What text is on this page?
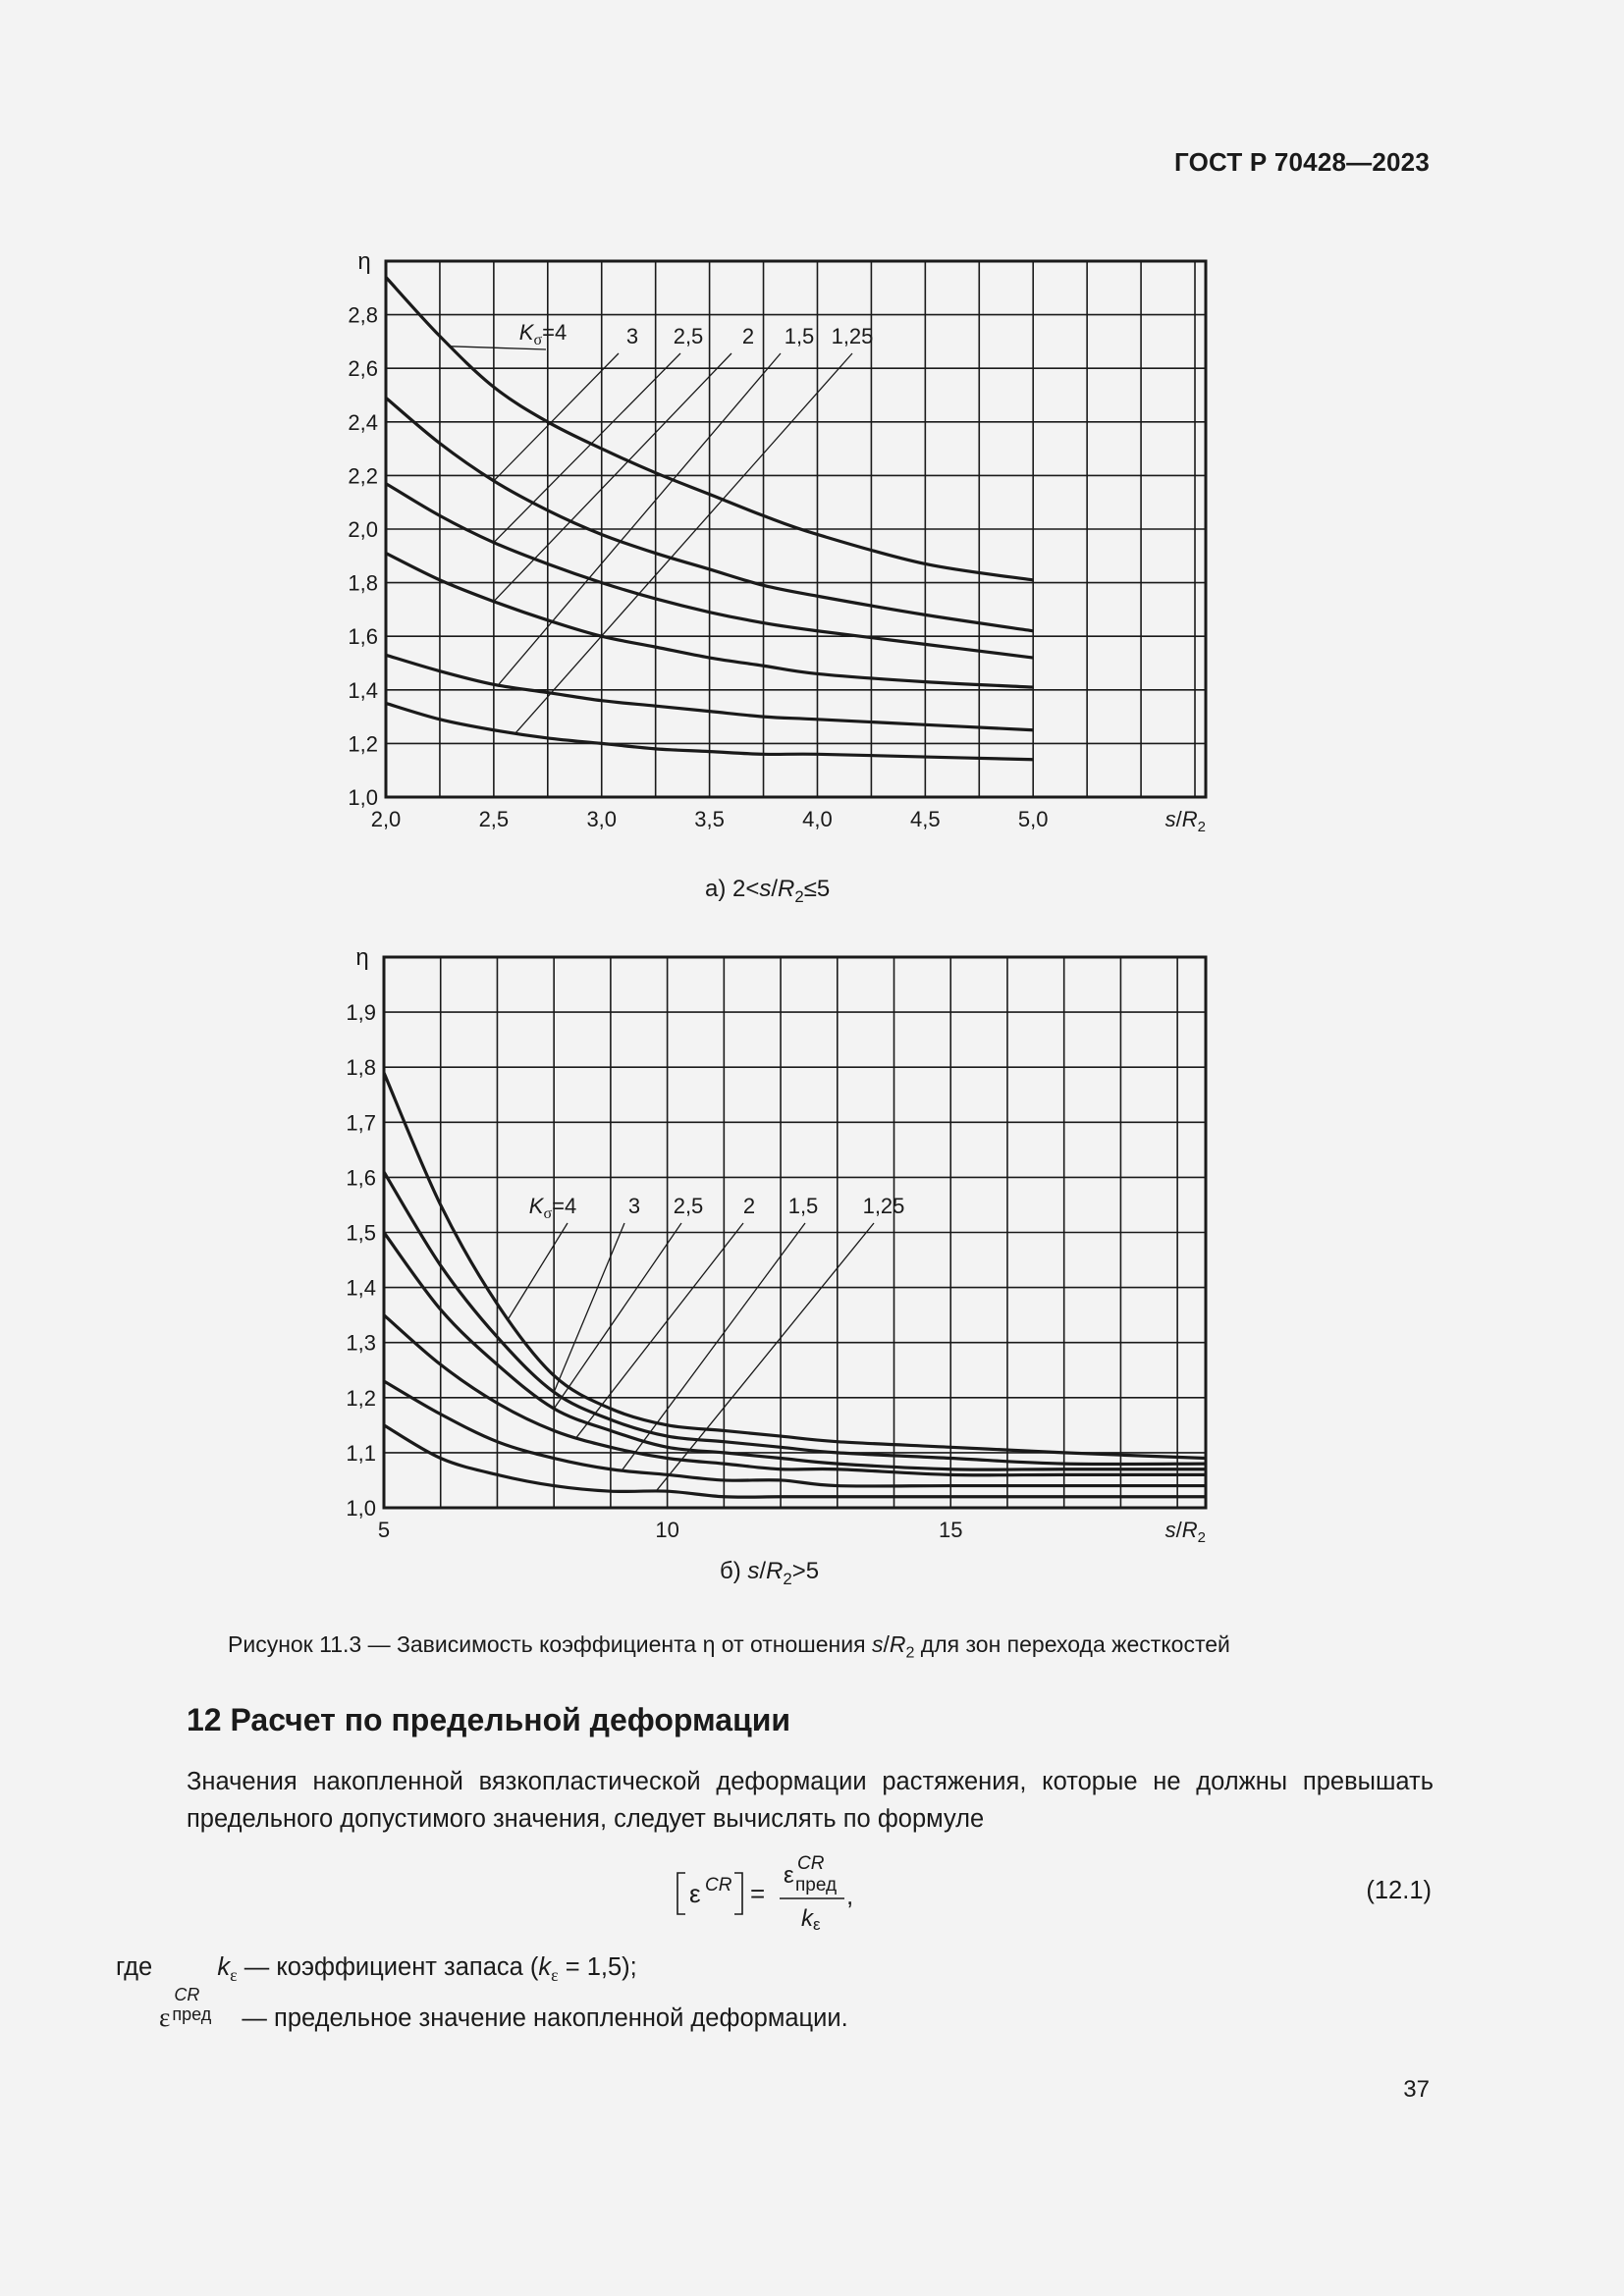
ГОСТ Р 70428—2023
1,0
1,2
1,4
1,6
1,8
2,0
2,2
2,4
2,6
2,8
2,0	2,5	3,0	3,5	4,0	4,5	5,0
η
$s/R_2$
$K_\sigma=4$	3 2,5 2 1,5 1,25
а) $2<s/R_2\le 5$
1,0
1,1
1,2
1,3
1,4
1,5
1,6
1,7
1,8
1,9
5	10	15
η
$s/R_2$
$K_\sigma=4$ 3 2,5 2 1,5 1,25
б) $s/R_2>5$
Рисунок 11.3 — Зависимость коэффициента η от отношения $s/R_2$ для зон перехода жесткостей
12 Расчет по предельной деформации
Значения накопленной вязкопластической деформации растяжения, которые не должны превышать предельного допустимого значения, следует вычислять по формуле
ε CR =
ε CR
пред
k ε
,	(12.1)
где	$k_\varepsilon$ — коэффициент запаса $(k_\varepsilon = 1,5)$;
ε
CR
пред — предельное значение накопленной деформации.
37
